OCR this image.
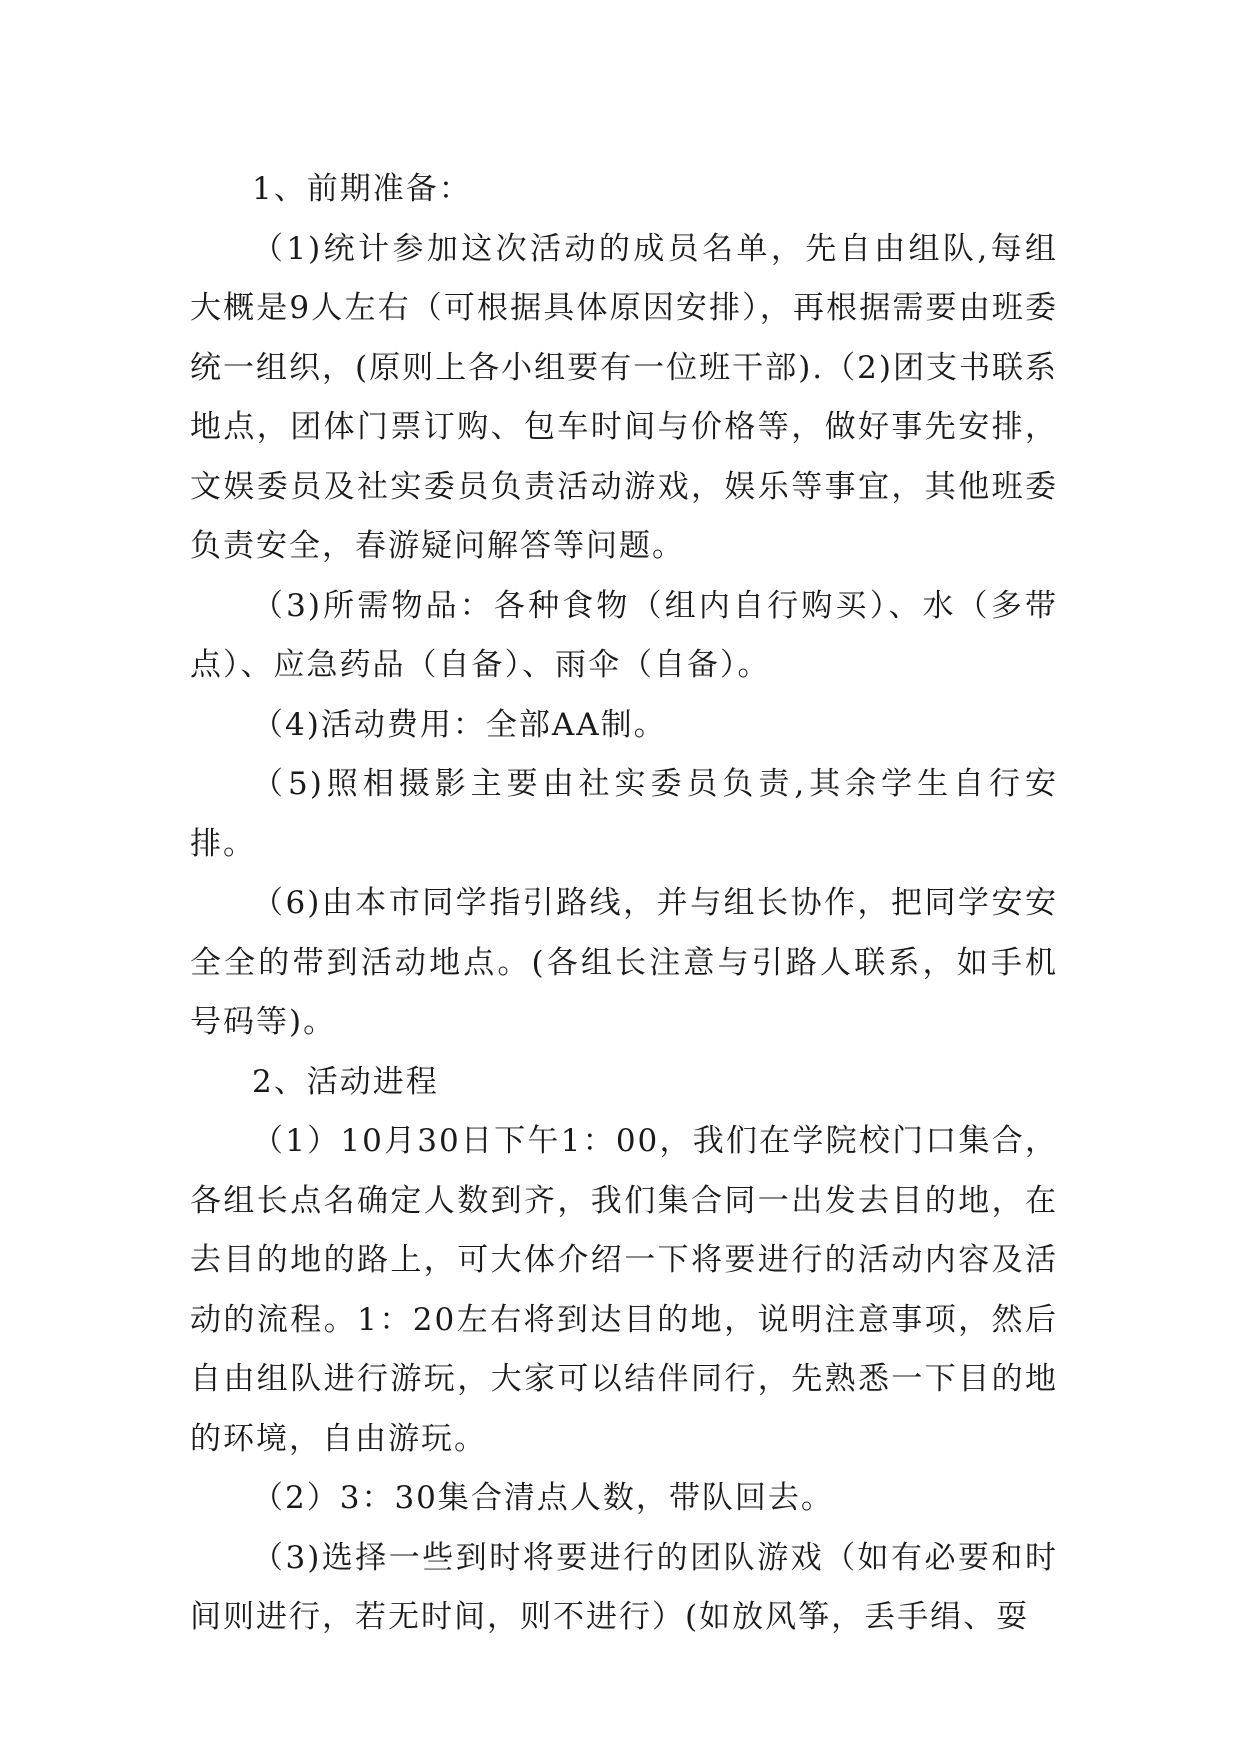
1、前期准备：

（1)统计参加这次活动的成员名单，先自由组队,每组大概是9人左右（可根据具体原因安排），再根据需要由班委统一组织，(原则上各小组要有一位班干部).（2)团支书联系地点，团体门票订购、包车时间与价格等，做好事先安排，文娱委员及社实委员负责活动游戏，娱乐等事宜，其他班委负责安全，春游疑问解答等问题。

（3)所需物品：各种食物（组内自行购买）、水（多带点）、应急药品（自备）、雨伞（自备）。

（4)活动费用：全部AA制。

（5)照相摄影主要由社实委员负责,其余学生自行安排。

（6)由本市同学指引路线，并与组长协作，把同学安安全全的带到活动地点。(各组长注意与引路人联系，如手机号码等)。

2、活动进程

（1）10月30日下午1：00，我们在学院校门口集合，各组长点名确定人数到齐，我们集合同一出发去目的地，在去目的地的路上，可大体介绍一下将要进行的活动内容及活动的流程。1：20左右将到达目的地，说明注意事项，然后自由组队进行游玩，大家可以结伴同行，先熟悉一下目的地的环境，自由游玩。

（2）3：30集合清点人数，带队回去。

（3)选择一些到时将要进行的团队游戏（如有必要和时间则进行，若无时间，则不进行）(如放风筝，丢手绢、耍
